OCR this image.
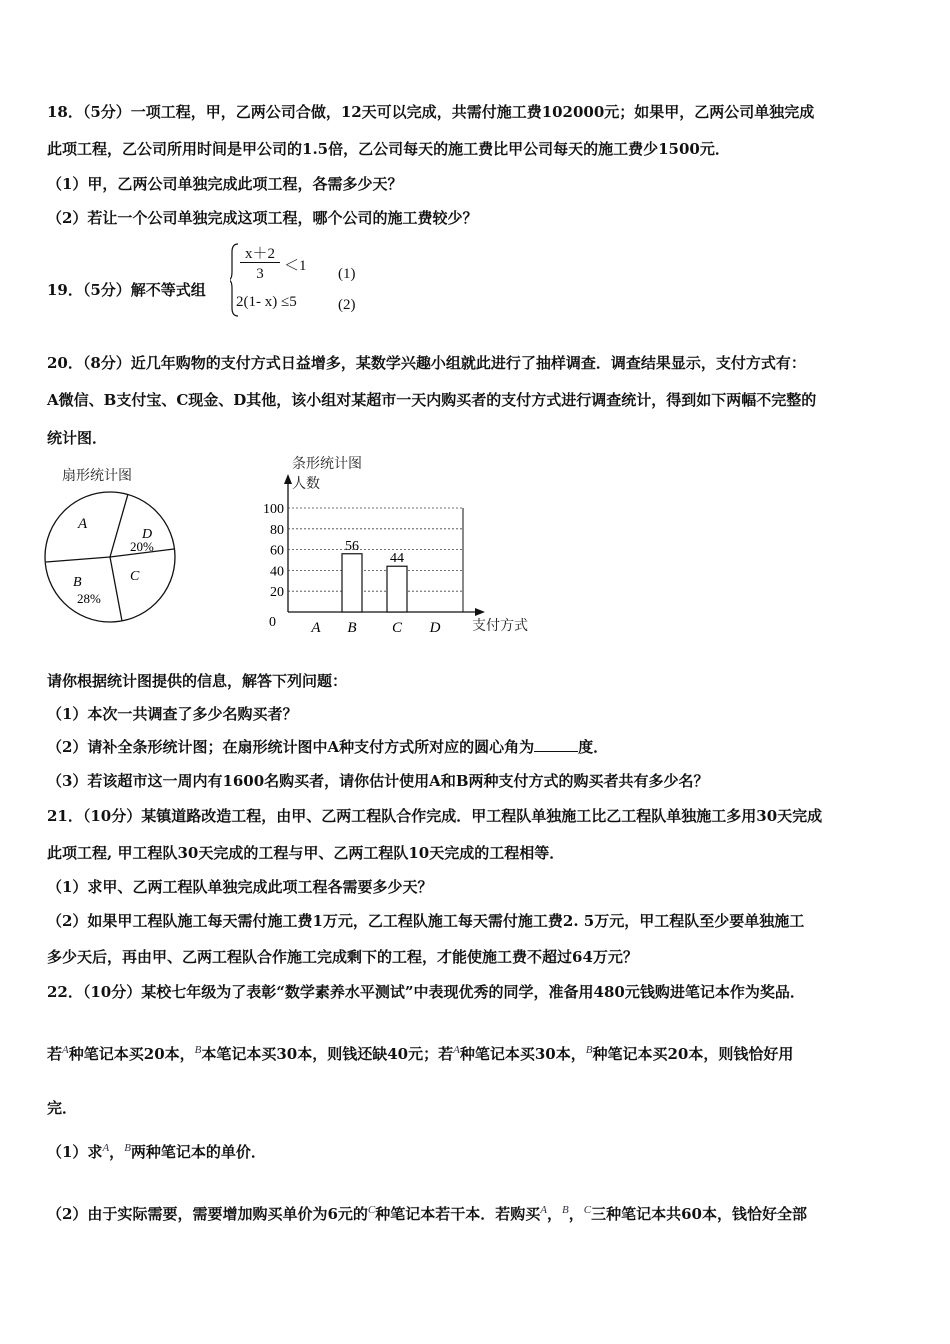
18．（5分）一项工程，甲，乙两公司合做，12天可以完成，共需付施工费102000元；如果甲，乙两公司单独完成
此项工程，乙公司所用时间是甲公司的1.5倍，乙公司每天的施工费比甲公司每天的施工费少1500元．
（1）甲，乙两公司单独完成此项工程，各需多少天？
（2）若让一个公司单独完成这项工程，哪个公司的施工费较少？
19．（5分）解不等式组
x＋2
3	＜1
2(1- x) ≤5
(1)
(2)
20．（8分）近几年购物的支付方式日益增多，某数学兴趣小组就此进行了抽样调查．调查结果显示，支付方式有：
A微信、B支付宝、C现金、D其他，该小组对某超市一天内购买者的支付方式进行调查统计，得到如下两幅不完整的
统计图．
扇形统计图
A
D
20%
C
B
28%
条形统计图
人数
支付方式
0
20
40
60
80
100
A B
56
C
44
D
请你根据统计图提供的信息，解答下列问题：
（1）本次一共调查了多少名购买者？
（2）请补全条形统计图；在扇形统计图中A种支付方式所对应的圆心角为	度．
（3）若该超市这一周内有1600名购买者，请你估计使用A和B两种支付方式的购买者共有多少名？
21．（10分）某镇道路改造工程，由甲、乙两工程队合作完成．甲工程队单独施工比乙工程队单独施工多用30天完成
此项工程, 甲工程队30天完成的工程与甲、乙两工程队10天完成的工程相等．
（1）求甲、乙两工程队单独完成此项工程各需要多少天？
（2）如果甲工程队施工每天需付施工费1万元，乙工程队施工每天需付施工费2. 5万元，甲工程队至少要单独施工
多少天后，再由甲、乙两工程队合作施工完成剩下的工程，才能使施工费不超过64万元？
22．（10分）某校七年级为了表彰“数学素养水平测试”中表现优秀的同学，准备用480元钱购进笔记本作为奖品．
若$^A$种笔记本买20本，$^B$本笔记本买30本，则钱还缺40元；若$^A$种笔记本买30本，$^B$种笔记本买20本，则钱恰好用
完．
（1）求$^A$，$^B$两种笔记本的单价．
（2）由于实际需要，需要增加购买单价为6元的$^C$种笔记本若干本．若购买$^A$，$^B$，$^C$三种笔记本共60本，钱恰好全部
